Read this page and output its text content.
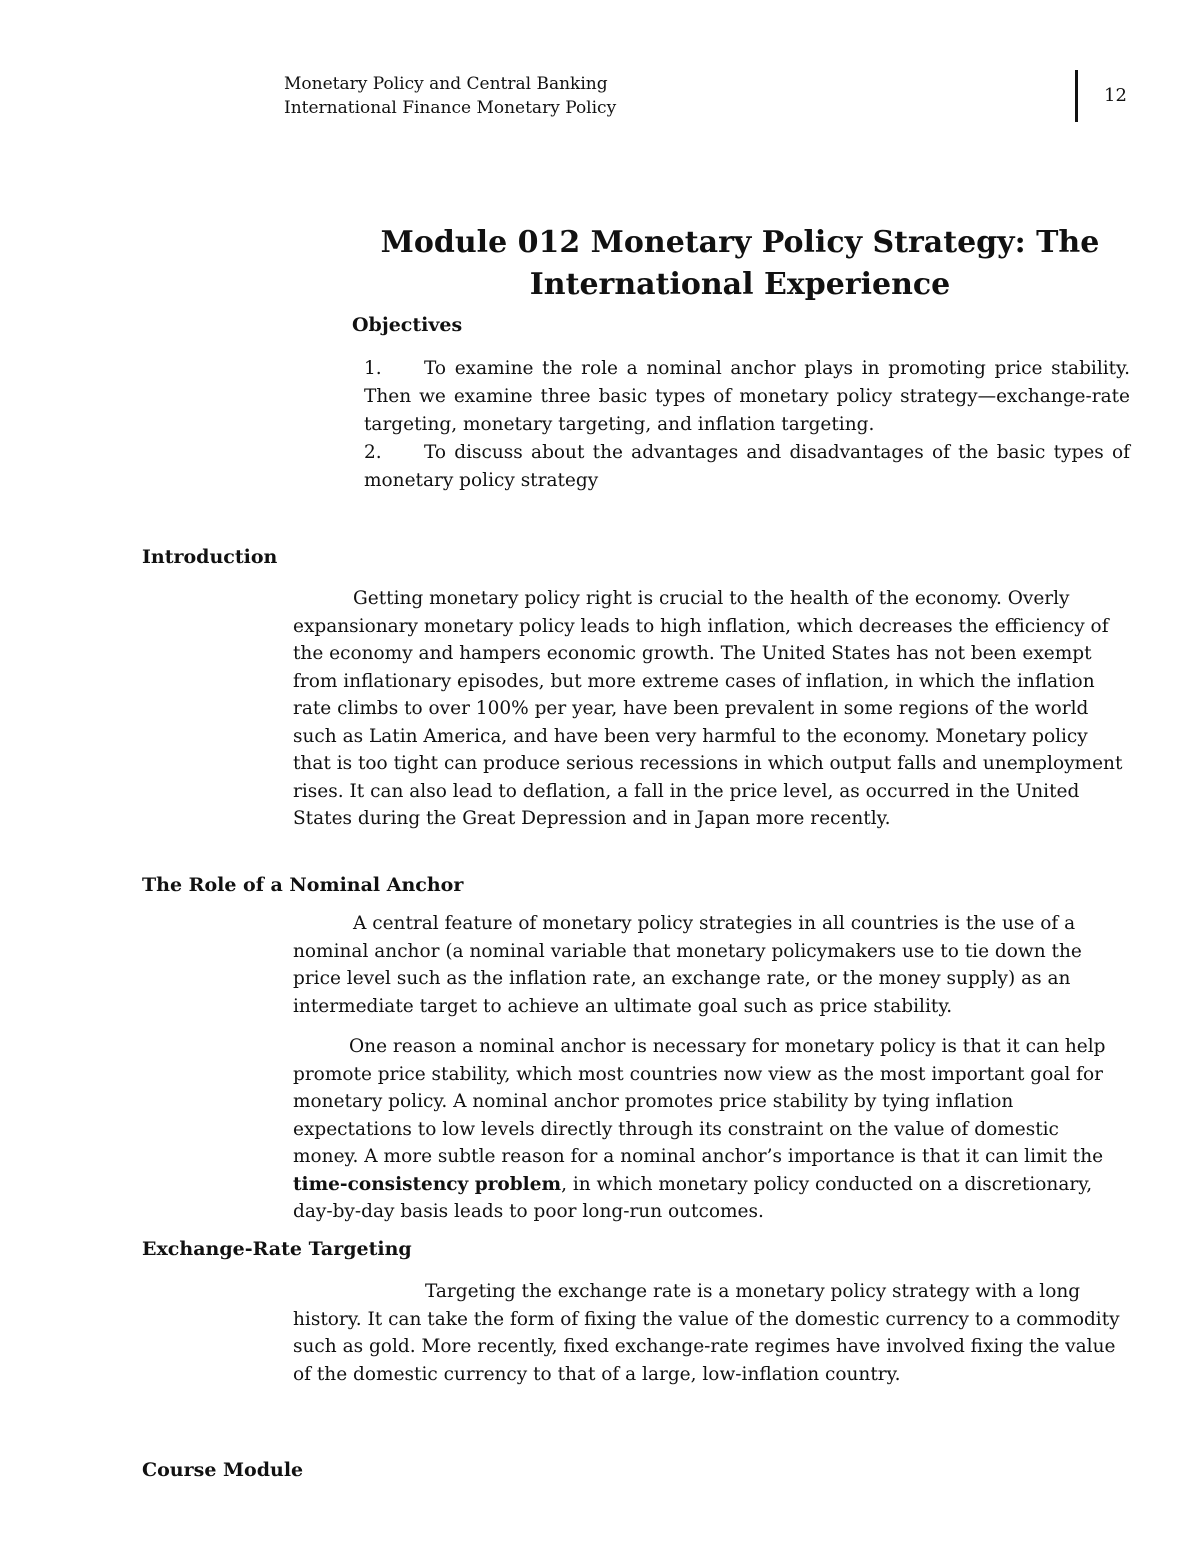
Monetary Policy and Central Banking
International Finance Monetary Policy
12
Module 012 Monetary Policy Strategy: The
International Experience
Objectives
1. To examine the role a nominal anchor plays in promoting price stability. Then we examine three basic types of monetary policy strategy—exchange-rate targeting, monetary targeting, and inflation targeting.
2. To discuss about the advantages and disadvantages of the basic types of monetary policy strategy
Introduction

Getting monetary policy right is crucial to the health of the economy. Overly expansionary monetary policy leads to high inflation, which decreases the efficiency of the economy and hampers economic growth. The United States has not been exempt from inflationary episodes, but more extreme cases of inflation, in which the inflation rate climbs to over 100% per year, have been prevalent in some regions of the world such as Latin America, and have been very harmful to the economy. Monetary policy that is too tight can produce serious recessions in which output falls and unemployment rises. It can also lead to deflation, a fall in the price level, as occurred in the United States during the Great Depression and in Japan more recently.

The Role of a Nominal Anchor

A central feature of monetary policy strategies in all countries is the use of a nominal anchor (a nominal variable that monetary policymakers use to tie down the price level such as the inflation rate, an exchange rate, or the money supply) as an intermediate target to achieve an ultimate goal such as price stability.

One reason a nominal anchor is necessary for monetary policy is that it can help promote price stability, which most countries now view as the most important goal for monetary policy. A nominal anchor promotes price stability by tying inflation expectations to low levels directly through its constraint on the value of domestic money. A more subtle reason for a nominal anchor’s importance is that it can limit the time-consistency problem, in which monetary policy conducted on a discretionary, day-by-day basis leads to poor long-run outcomes.

Exchange-Rate Targeting

Targeting the exchange rate is a monetary policy strategy with a long history. It can take the form of fixing the value of the domestic currency to a commodity such as gold. More recently, fixed exchange-rate regimes have involved fixing the value of the domestic currency to that of a large, low-inflation country.

Course Module
